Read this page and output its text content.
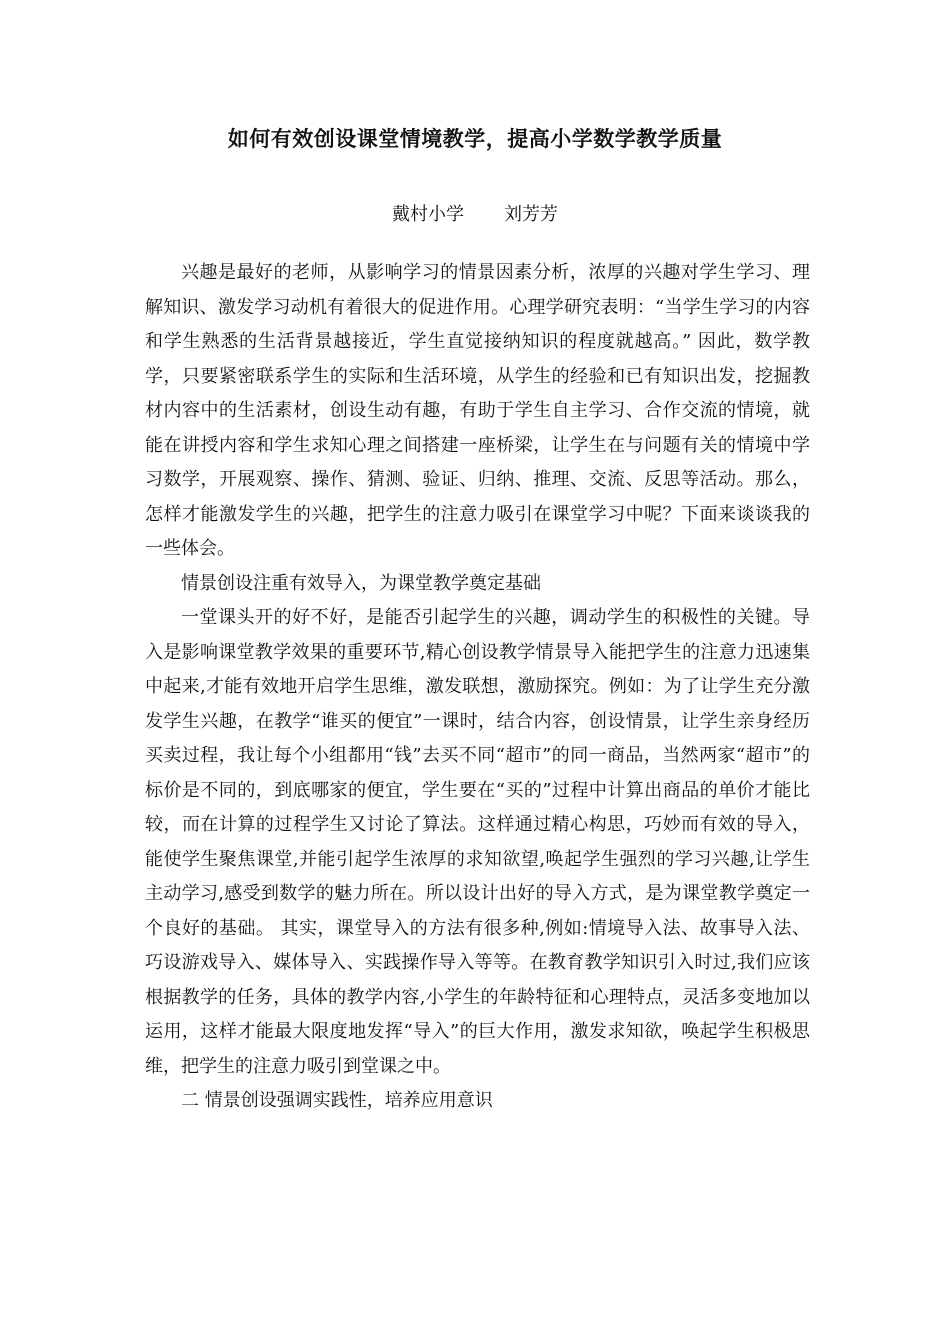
如何有效创设课堂情境教学，提高小学数学教学质量
戴村小学 刘芳芳

兴趣是最好的老师，从影响学习的情景因素分析，浓厚的兴趣对学生学习、理解知识、激发学习动机有着很大的促进作用。心理学研究表明：“当学生学习的内容和学生熟悉的生活背景越接近，学生直觉接纳知识的程度就越高。” 因此，数学教学，只要紧密联系学生的实际和生活环境，从学生的经验和已有知识出发，挖掘教材内容中的生活素材，创设生动有趣，有助于学生自主学习、合作交流的情境，就能在讲授内容和学生求知心理之间搭建一座桥梁，让学生在与问题有关的情境中学习数学，开展观察、操作、猜测、验证、归纳、推理、交流、反思等活动。那么，怎样才能激发学生的兴趣，把学生的注意力吸引在课堂学习中呢？下面来谈谈我的一些体会。

情景创设注重有效导入，为课堂教学奠定基础

一堂课头开的好不好，是能否引起学生的兴趣，调动学生的积极性的关键。导入是影响课堂教学效果的重要环节,精心创设教学情景导入能把学生的注意力迅速集中起来,才能有效地开启学生思维，激发联想，激励探究。例如：为了让学生充分激发学生兴趣，在教学“谁买的便宜”一课时，结合内容，创设情景，让学生亲身经历买卖过程，我让每个小组都用“钱”去买不同“超市”的同一商品，当然两家“超市”的标价是不同的，到底哪家的便宜，学生要在“买的”过程中计算出商品的单价才能比较，而在计算的过程学生又讨论了算法。这样通过精心构思，巧妙而有效的导入，能使学生聚焦课堂,并能引起学生浓厚的求知欲望,唤起学生强烈的学习兴趣,让学生主动学习,感受到数学的魅力所在。所以设计出好的导入方式，是为课堂教学奠定一个良好的基础。 其实，课堂导入的方法有很多种,例如:情境导入法、故事导入法、巧设游戏导入、媒体导入、实践操作导入等等。在教育教学知识引入时过,我们应该根据教学的任务，具体的教学内容,小学生的年龄特征和心理特点，灵活多变地加以运用，这样才能最大限度地发挥“导入”的巨大作用，激发求知欲，唤起学生积极思维，把学生的注意力吸引到堂课之中。

二 情景创设强调实践性，培养应用意识
